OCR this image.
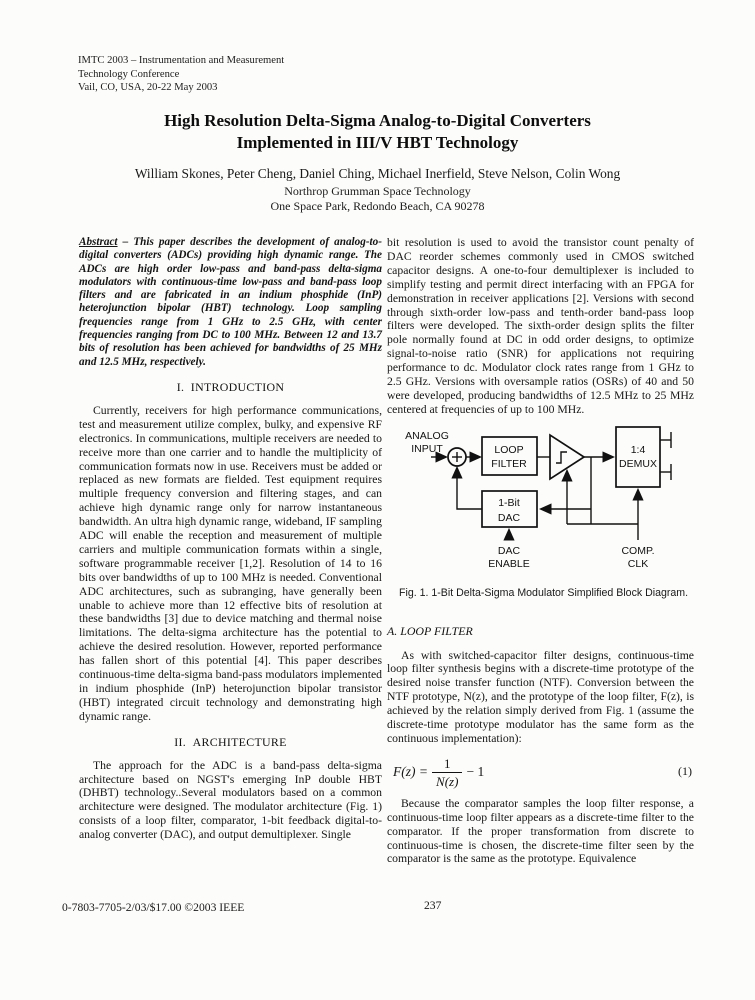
IMTC 2003 – Instrumentation and Measurement
Technology Conference
Vail, CO, USA, 20-22 May 2003
High Resolution Delta-Sigma Analog-to-Digital Converters
Implemented in III/V HBT Technology
William Skones, Peter Cheng, Daniel Ching, Michael Inerfield, Steve Nelson, Colin Wong
Northrop Grumman Space Technology
One Space Park, Redondo Beach, CA 90278

Abstract – This paper describes the development of analog-to-digital converters (ADCs) providing high dynamic range. The ADCs are high order low-pass and band-pass delta-sigma modulators with continuous-time low-pass and band-pass loop filters and are fabricated in an indium phosphide (InP) heterojunction bipolar (HBT) technology. Loop sampling frequencies range from 1 GHz to 2.5 GHz, with center frequencies ranging from DC to 100 MHz. Between 12 and 13.7 bits of resolution has been achieved for bandwidths of 25 MHz and 12.5 MHz, respectively.

I.  INTRODUCTION

Currently, receivers for high performance communications, test and measurement utilize complex, bulky, and expensive RF electronics. In communications, multiple receivers are needed to receive more than one carrier and to handle the multiplicity of communication formats now in use. Receivers must be added or replaced as new formats are fielded. Test equipment requires multiple frequency conversion and filtering stages, and can achieve high dynamic range only for narrow instantaneous bandwidth. An ultra high dynamic range, wideband, IF sampling ADC will enable the reception and measurement of multiple carriers and multiple communication formats within a single, software programmable receiver [1,2]. Resolution of 14 to 16 bits over bandwidths of up to 100 MHz is needed. Conventional ADC architectures, such as subranging, have generally been unable to achieve more than 12 effective bits of resolution at these bandwidths [3] due to device matching and thermal noise limitations. The delta-sigma architecture has the potential to achieve the desired resolution. However, reported performance has fallen short of this potential [4]. This paper describes continuous-time delta-sigma band-pass modulators implemented in indium phosphide (InP) heterojunction bipolar transistor (HBT) integrated circuit technology and demonstrating high dynamic range.

II.  ARCHITECTURE

The approach for the ADC is a band-pass delta-sigma architecture based on NGST's emerging InP double HBT (DHBT) technology..Several modulators based on a common architecture were designed. The modulator architecture (Fig. 1) consists of a loop filter, comparator, 1-bit feedback digital-to-analog converter (DAC), and output demultiplexer. Single

bit resolution is used to avoid the transistor count penalty of DAC reorder schemes commonly used in CMOS switched capacitor designs. A one-to-four demultiplexer is included to simplify testing and permit direct interfacing with an FPGA for demonstration in receiver applications [2]. Versions with second through sixth-order low-pass and tenth-order band-pass loop filters were developed. The sixth-order design splits the filter pole normally found at DC in odd order designs, to optimize signal-to-noise ratio (SNR) for applications not requiring performance to dc. Modulator clock rates range from 1 GHz to 2.5 GHz. Versions with oversample ratios (OSRs) of 40 and 50 were developed, producing bandwidths of 12.5 MHz to 25 MHz centered at frequencies of up to 100 MHz.

ANALOG
INPUT	LOOP
FILTER
1:4
DEMUX
1-Bit
DAC
DAC
ENABLE
COMP.
CLK
Fig. 1. 1-Bit Delta-Sigma Modulator Simplified Block Diagram.
A. LOOP FILTER

As with switched-capacitor filter designs, continuous-time loop filter synthesis begins with a discrete-time prototype of the desired noise transfer function (NTF). Conversion between the NTF prototype, N(z), and the prototype of the loop filter, F(z), is achieved by the relation simply derived from Fig. 1 (assume the discrete-time prototype modulator has the same form as the continuous implementation):

$F(z) = \frac{1}{N(z)} - 1$	(1)

Because the comparator samples the loop filter response, a continuous-time loop filter appears as a discrete-time filter to the comparator. If the proper transformation from discrete to continuous-time is chosen, the discrete-time filter seen by the comparator is the same as the prototype. Equivalence

0-7803-7705-2/03/$17.00 ©2003 IEEE	237
